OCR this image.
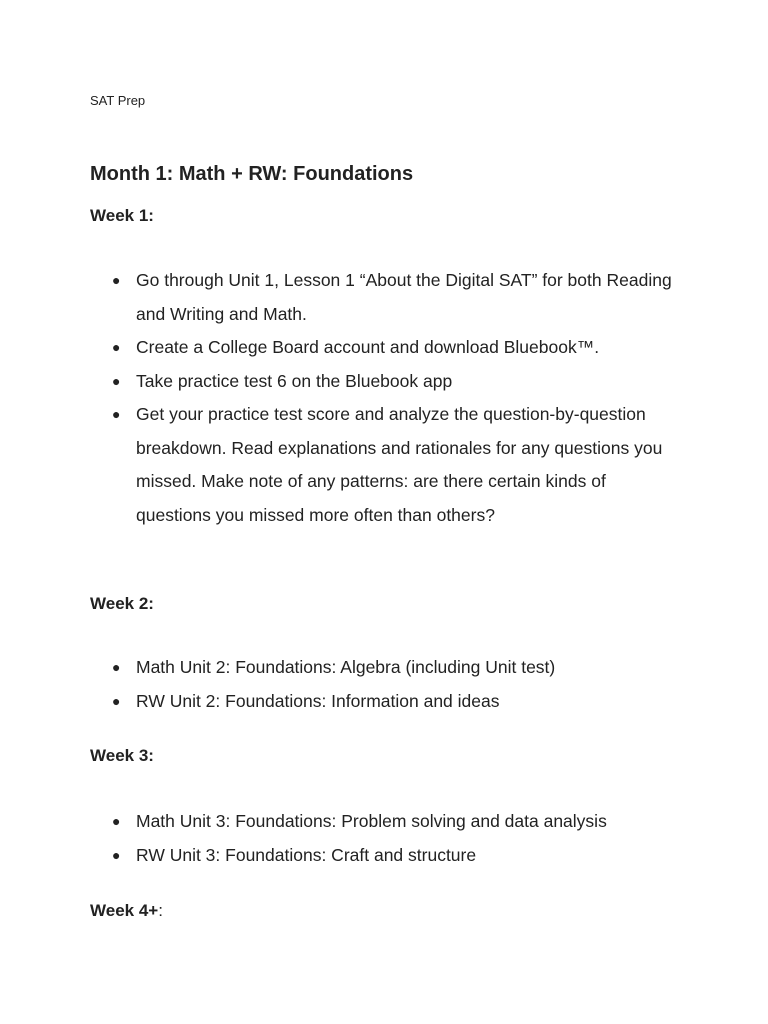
SAT Prep
Month 1: Math + RW: Foundations
Week 1:
● Go through Unit 1, Lesson 1 “About the Digital SAT” for both Reading and Writing and Math.
● Create a College Board account and download Bluebook™.
● Take practice test 6 on the Bluebook app
● Get your practice test score and analyze the question-by-question breakdown. Read explanations and rationales for any questions you missed. Make note of any patterns: are there certain kinds of questions you missed more often than others?
Week 2:
● Math Unit 2: Foundations: Algebra (including Unit test)
● RW Unit 2: Foundations: Information and ideas
Week 3:
● Math Unit 3: Foundations: Problem solving and data analysis
● RW Unit 3: Foundations: Craft and structure
Week 4+:
